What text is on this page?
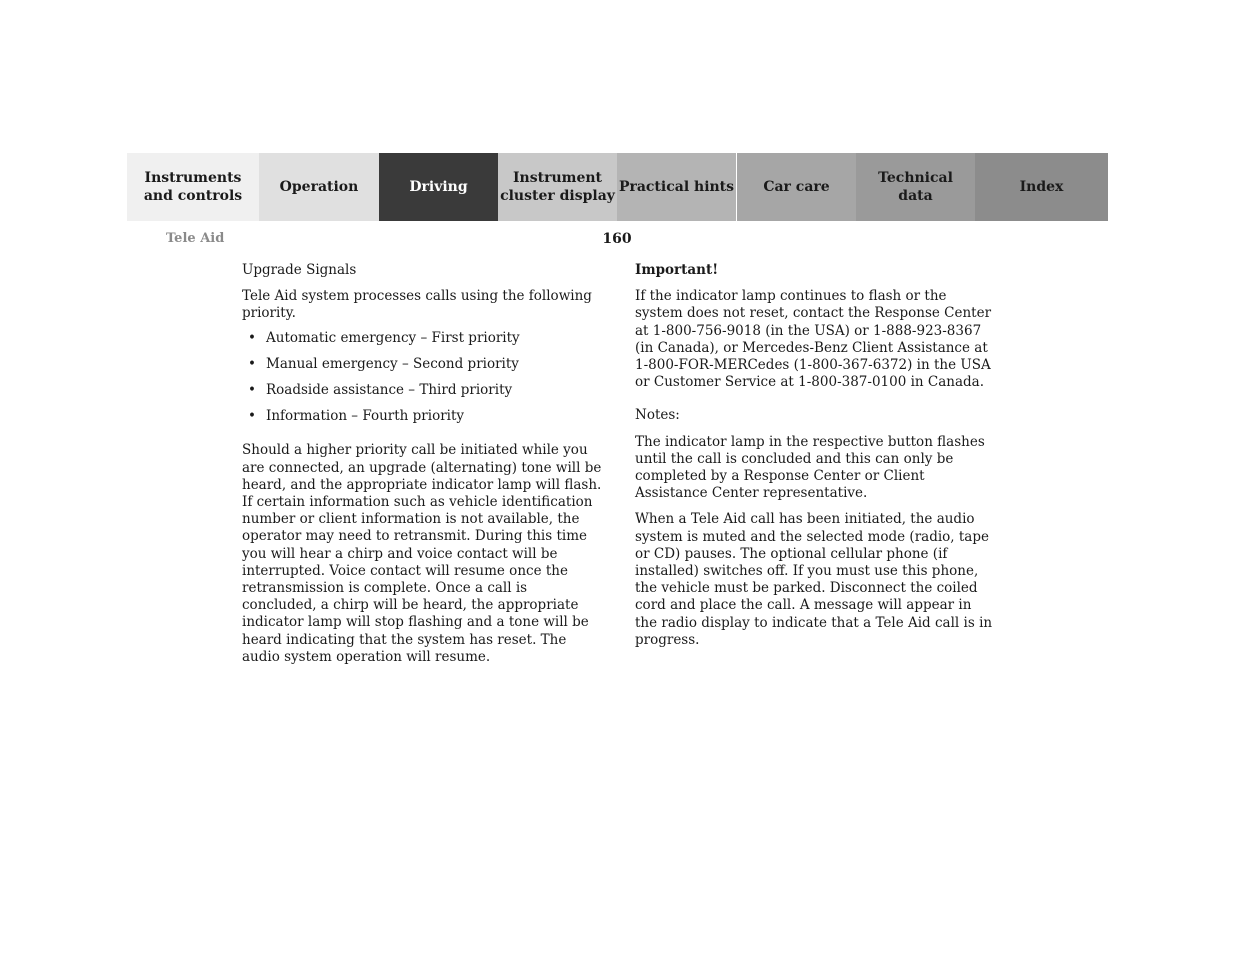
Instruments
and controls
Operation	Driving
Instrument
cluster display
Practical hints Car care
Technical
data
Index
Tele Aid	160

Upgrade Signals

Tele Aid system processes calls using the following priority.

• Automatic emergency – First priority
• Manual emergency – Second priority
• Roadside assistance – Third priority
• Information – Fourth priority

Should a higher priority call be initiated while you are connected, an upgrade (alternating) tone will be heard, and the appropriate indicator lamp will flash. If certain information such as vehicle identification number or client information is not available, the operator may need to retransmit. During this time you will hear a chirp and voice contact will be interrupted. Voice contact will resume once the retransmission is complete. Once a call is concluded, a chirp will be heard, the appropriate indicator lamp will stop flashing and a tone will be heard indicating that the system has reset. The audio system operation will resume.

Important!

If the indicator lamp continues to flash or the system does not reset, contact the Response Center at 1-800-756-9018 (in the USA) or 1-888-923-8367 (in Canada), or Mercedes-Benz Client Assistance at 1-800-FOR-MERCedes (1-800-367-6372) in the USA or Customer Service at 1-800-387-0100 in Canada.

Notes:

The indicator lamp in the respective button flashes until the call is concluded and this can only be completed by a Response Center or Client Assistance Center representative.

When a Tele Aid call has been initiated, the audio system is muted and the selected mode (radio, tape or CD) pauses. The optional cellular phone (if installed) switches off. If you must use this phone, the vehicle must be parked. Disconnect the coiled cord and place the call. A message will appear in the radio display to indicate that a Tele Aid call is in progress.
